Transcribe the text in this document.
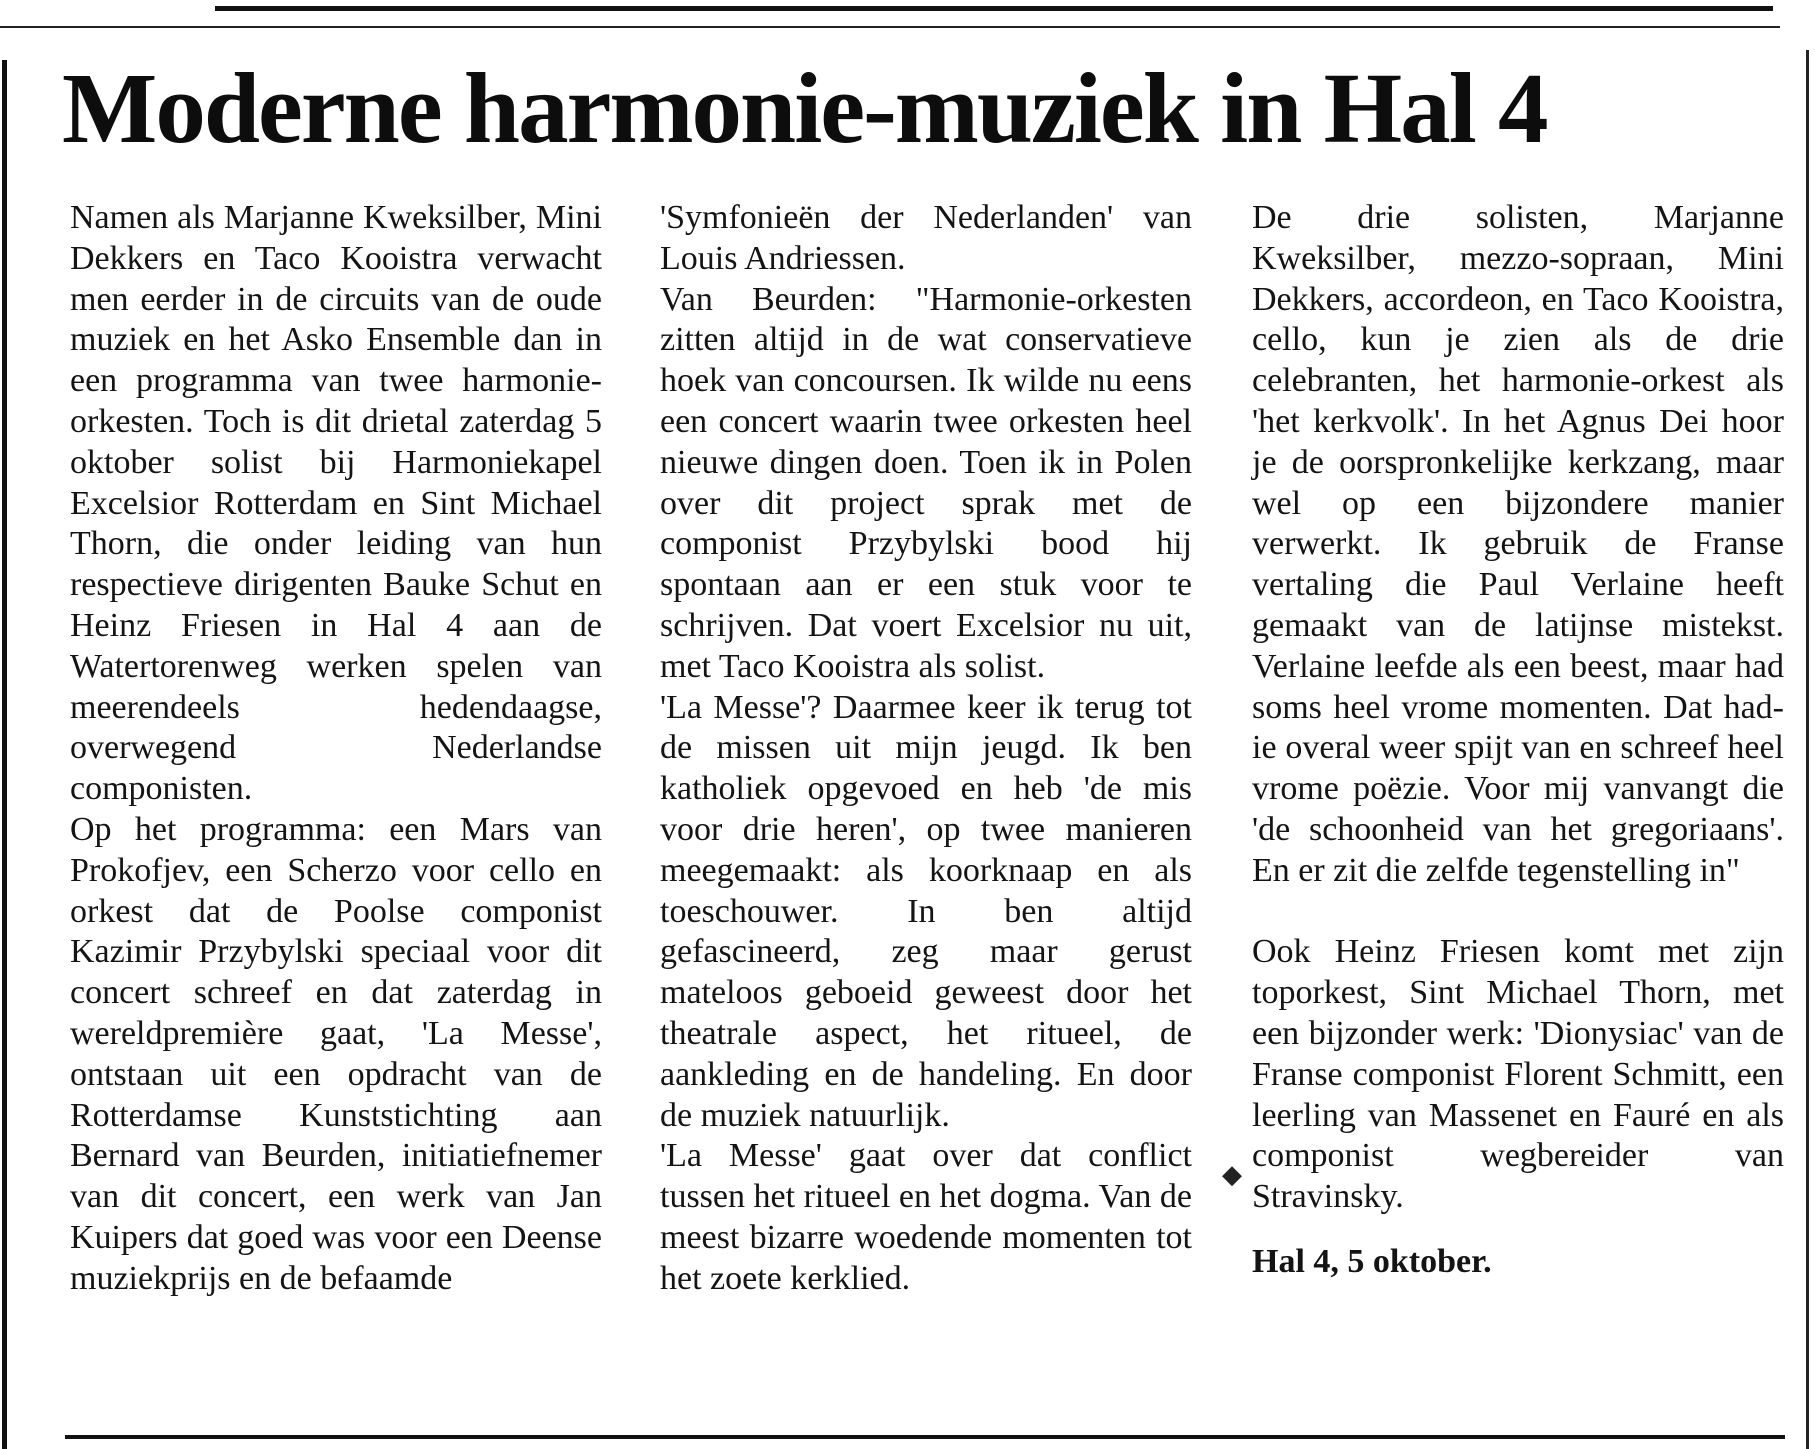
Moderne harmonie-muziek in Hal 4

Namen als Marjanne Kweksilber, Mini Dekkers en Taco Kooistra verwacht men eerder in de circuits van de oude muziek en het Asko Ensemble dan in een programma van twee harmonie-orkesten. Toch is dit drietal zaterdag 5 oktober solist bij Harmoniekapel Excelsior Rotterdam en Sint Michael Thorn, die onder leiding van hun respectieve dirigenten Bauke Schut en Heinz Friesen in Hal 4 aan de Watertorenweg werken spelen van meerendeels hedendaagse, overwegend Nederlandse componisten.

Op het programma: een Mars van Prokofjev, een Scherzo voor cello en orkest dat de Poolse componist Kazimir Przybylski speciaal voor dit concert schreef en dat zaterdag in wereldpremière gaat, 'La Messe', ontstaan uit een opdracht van de Rotterdamse Kunststichting aan Bernard van Beurden, initiatiefnemer van dit concert, een werk van Jan Kuipers dat goed was voor een Deense muziekprijs en de befaamde

'Symfonieën der Nederlanden' van Louis Andriessen.

Van Beurden: "Harmonie-orkesten zitten altijd in de wat conservatieve hoek van concoursen. Ik wilde nu eens een concert waarin twee orkesten heel nieuwe dingen doen. Toen ik in Polen over dit project sprak met de componist Przybylski bood hij spontaan aan er een stuk voor te schrijven. Dat voert Excelsior nu uit, met Taco Kooistra als solist.

'La Messe'? Daarmee keer ik terug tot de missen uit mijn jeugd. Ik ben katholiek opgevoed en heb 'de mis voor drie heren', op twee manieren meegemaakt: als koorknaap en als toeschouwer. In ben altijd gefascineerd, zeg maar gerust mateloos geboeid geweest door het theatrale aspect, het ritueel, de aankleding en de handeling. En door de muziek natuurlijk.

'La Messe' gaat over dat conflict tussen het ritueel en het dogma. Van de meest bizarre woedende momenten tot het zoete kerklied.

De drie solisten, Marjanne Kweksilber, mezzo-sopraan, Mini Dekkers, accordeon, en Taco Kooistra, cello, kun je zien als de drie celebranten, het harmonie-orkest als 'het kerkvolk'. In het Agnus Dei hoor je de oorspronkelijke kerkzang, maar wel op een bijzondere manier verwerkt. Ik gebruik de Franse vertaling die Paul Verlaine heeft gemaakt van de latijnse mistekst. Verlaine leefde als een beest, maar had soms heel vrome momenten. Dat had-ie overal weer spijt van en schreef heel vrome poëzie. Voor mij vanvangt die 'de schoonheid van het gregoriaans'. En er zit die zelfde tegenstelling in"

Ook Heinz Friesen komt met zijn toporkest, Sint Michael Thorn, met een bijzonder werk: 'Dionysiac' van de Franse componist Florent Schmitt, een leerling van Massenet en Fauré en als componist wegbereider van Stravinsky.

Hal 4, 5 oktober.

◆
